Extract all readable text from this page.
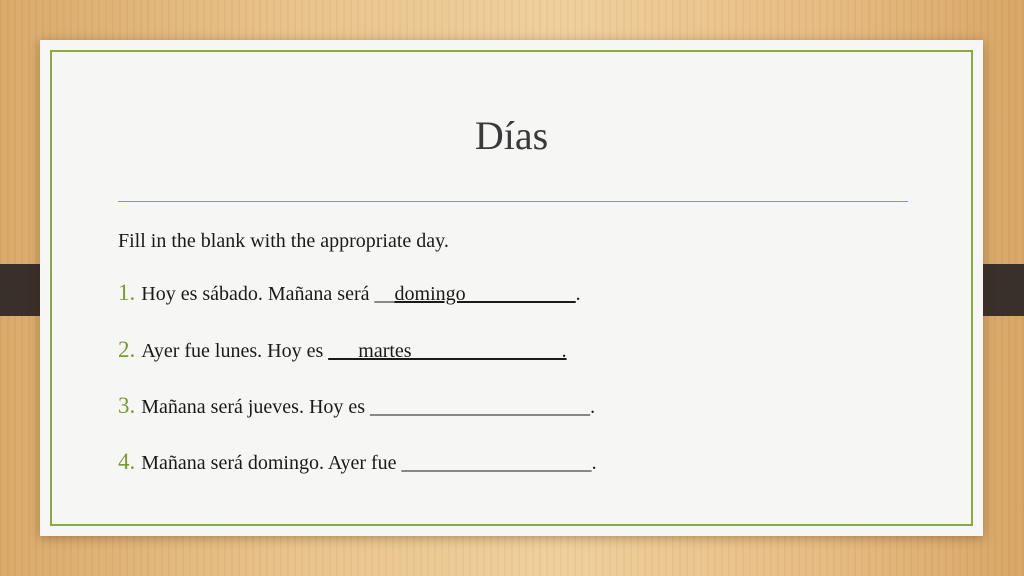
Días

Fill in the blank with the appropriate day.

1. Hoy es sábado. Mañana será __domingo___________.

2. Ayer fue lunes. Hoy es ___martes_______________.

3. Mañana será jueves. Hoy es ______________________.

4. Mañana será domingo. Ayer fue ___________________.
